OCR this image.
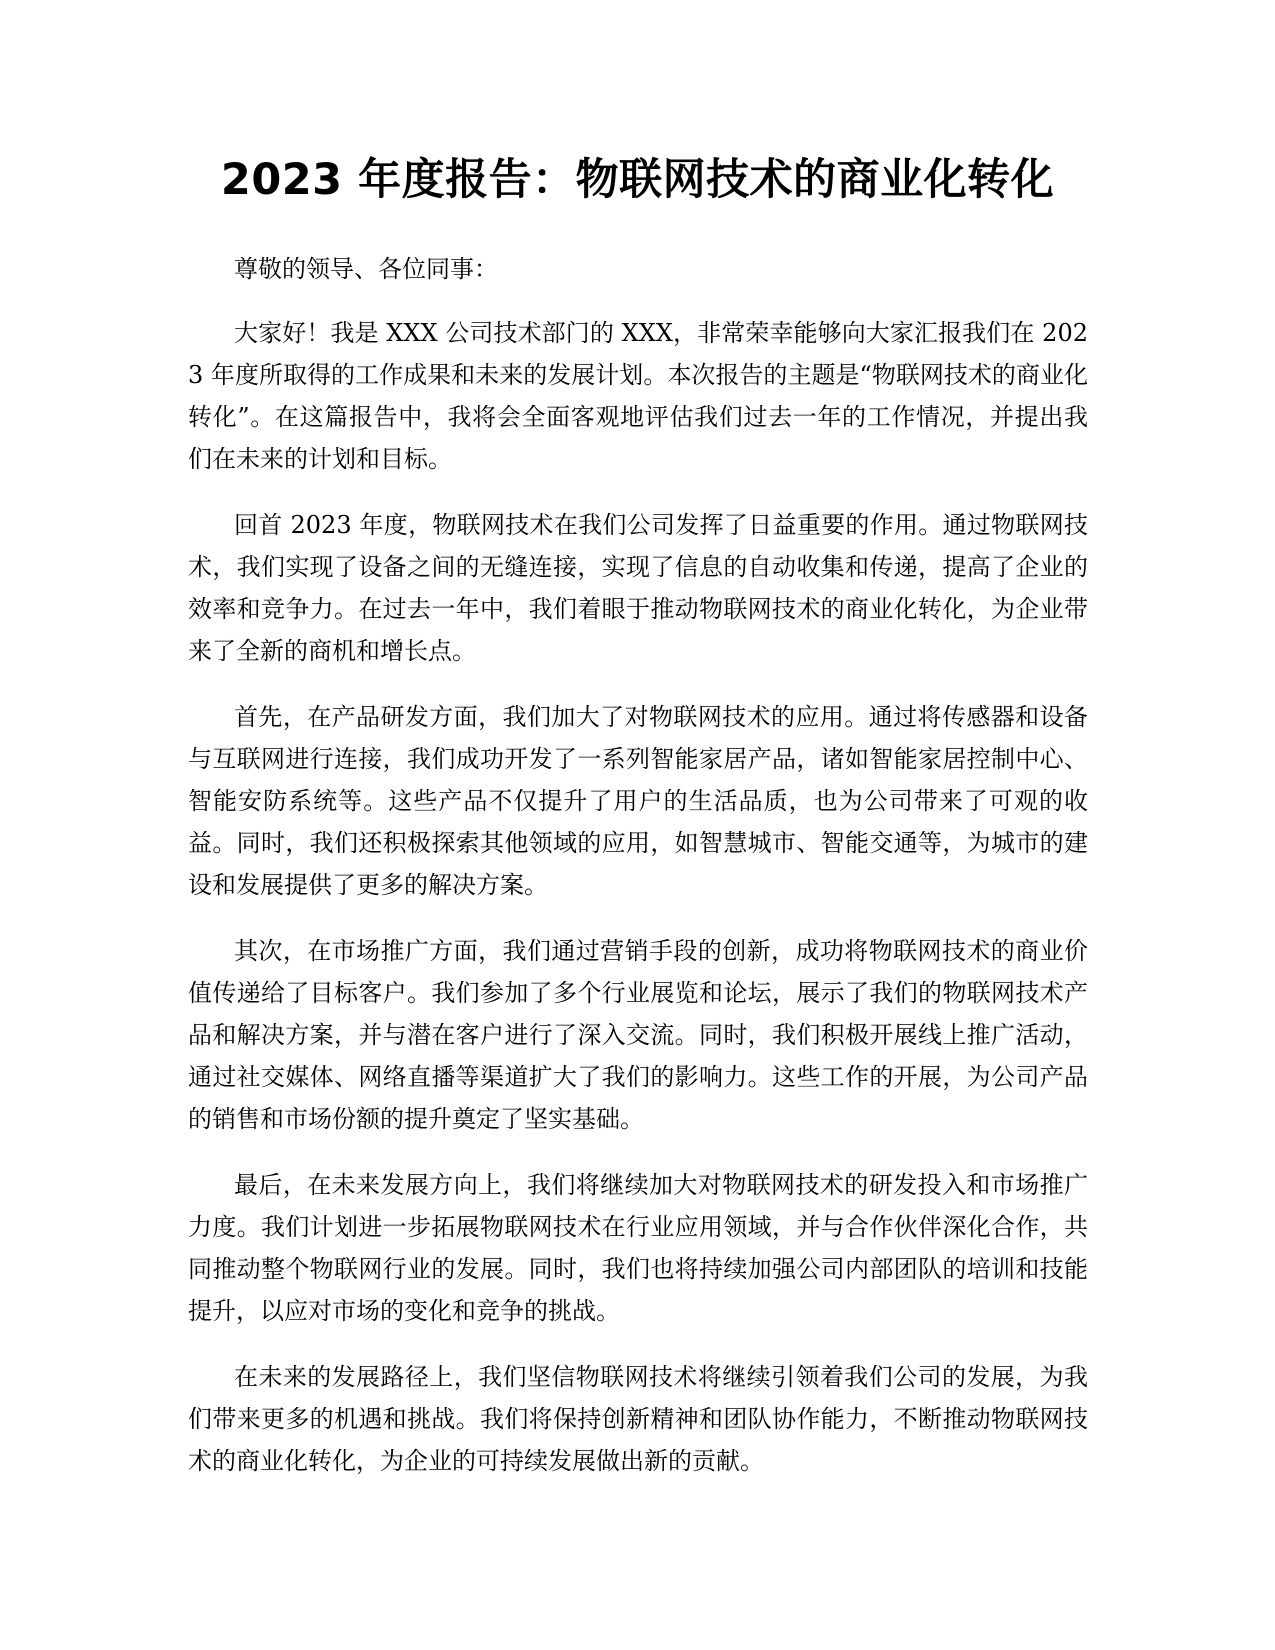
2023 年度报告：物联网技术的商业化转化

尊敬的领导、各位同事：

大家好！我是 XXX 公司技术部门的 XXX，非常荣幸能够向大家汇报我们在 2023 年度所取得的工作成果和未来的发展计划。本次报告的主题是“物联网技术的商业化转化”。在这篇报告中，我将会全面客观地评估我们过去一年的工作情况，并提出我们在未来的计划和目标。

回首 2023 年度，物联网技术在我们公司发挥了日益重要的作用。通过物联网技术，我们实现了设备之间的无缝连接，实现了信息的自动收集和传递，提高了企业的效率和竞争力。在过去一年中，我们着眼于推动物联网技术的商业化转化，为企业带来了全新的商机和增长点。

首先，在产品研发方面，我们加大了对物联网技术的应用。通过将传感器和设备与互联网进行连接，我们成功开发了一系列智能家居产品，诸如智能家居控制中心、智能安防系统等。这些产品不仅提升了用户的生活品质，也为公司带来了可观的收益。同时，我们还积极探索其他领域的应用，如智慧城市、智能交通等，为城市的建设和发展提供了更多的解决方案。

其次，在市场推广方面，我们通过营销手段的创新，成功将物联网技术的商业价值传递给了目标客户。我们参加了多个行业展览和论坛，展示了我们的物联网技术产品和解决方案，并与潜在客户进行了深入交流。同时，我们积极开展线上推广活动，通过社交媒体、网络直播等渠道扩大了我们的影响力。这些工作的开展，为公司产品的销售和市场份额的提升奠定了坚实基础。

最后，在未来发展方向上，我们将继续加大对物联网技术的研发投入和市场推广力度。我们计划进一步拓展物联网技术在行业应用领域，并与合作伙伴深化合作，共同推动整个物联网行业的发展。同时，我们也将持续加强公司内部团队的培训和技能提升，以应对市场的变化和竞争的挑战。

在未来的发展路径上，我们坚信物联网技术将继续引领着我们公司的发展，为我们带来更多的机遇和挑战。我们将保持创新精神和团队协作能力，不断推动物联网技术的商业化转化，为企业的可持续发展做出新的贡献。
